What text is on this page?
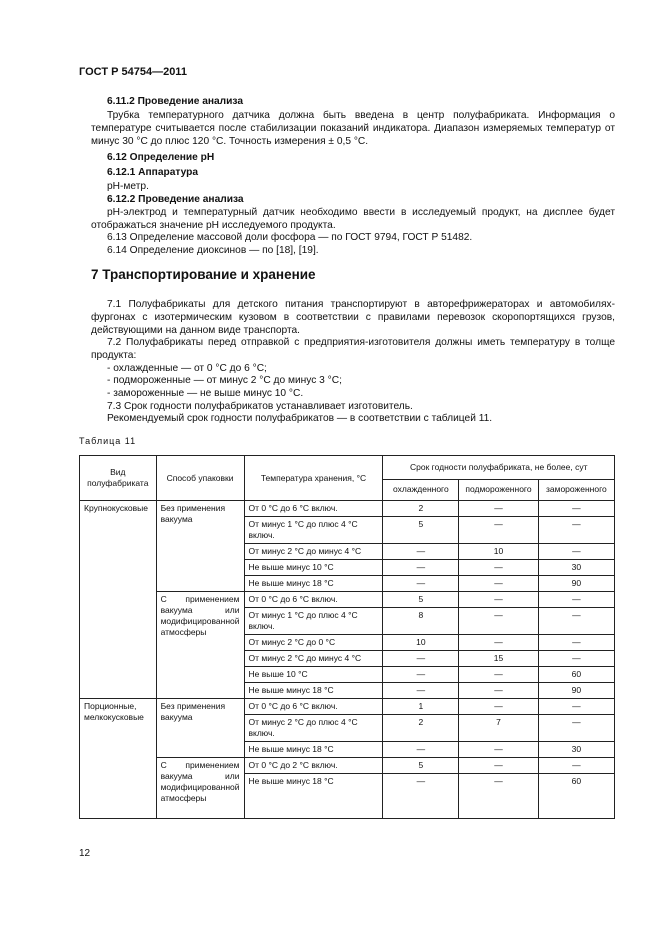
ГОСТ Р 54754—2011

6.11.2 Проведение анализа

Трубка температурного датчика должна быть введена в центр полуфабриката. Информация о температуре считывается после стабилизации показаний индикатора. Диапазон измеряемых температур от минус 30 °С до плюс 120 °С. Точность измерения ± 0,5 °С.

6.12 Определение pH

6.12.1 Аппаратура

pH-метр.

6.12.2 Проведение анализа

pH-электрод и температурный датчик необходимо ввести в исследуемый продукт, на дисплее будет отображаться значение pH исследуемого продукта.

6.13 Определение массовой доли фосфора — по ГОСТ 9794, ГОСТ Р 51482.

6.14 Определение диоксинов — по [18], [19].

7 Транспортирование и хранение

7.1 Полуфабрикаты для детского питания транспортируют в авторефрижераторах и автомобилях-фургонах с изотермическим кузовом в соответствии с правилами перевозок скоропортящихся грузов, действующими на данном виде транспорта.

7.2 Полуфабрикаты перед отправкой с предприятия-изготовителя должны иметь температуру в толще продукта:

- охлажденные — от 0 °С до 6 °С;

- подмороженные — от минус 2 °С до минус 3 °С;

- замороженные — не выше минус 10 °С.

7.3 Срок годности полуфабрикатов устанавливает изготовитель.

Рекомендуемый срок годности полуфабрикатов — в соответствии с таблицей 11.

Таблица 11
Вид полуфабриката	Способ упаковки	Температура хранения, °С	Срок годности полуфабриката, не более, сут		
			охлажденного	подмороженного	замороженного
Крупнокусковые	Без применения вакуума	От 0 °С до 6 °С включ.	2	—	—
		От минус 1 °С до плюс 4 °С включ.	5	—	—
		От минус 2 °С до минус 4 °С	—	10	—
		Не выше минус 10 °С	—	—	30
		Не выше минус 18 °С	—	—	90
	С применением вакуума или модифицированной атмосферы	От 0 °С до 6 °С включ.	5	—	—
		От минус 1 °С до плюс 4 °С включ.	8	—	—
		От минус 2 °С до 0 °С	10	—	—
		От минус 2 °С до минус 4 °С	—	15	—
		Не выше 10 °С	—	—	60
		Не выше минус 18 °С	—	—	90
Порционные, мелкокусковые	Без применения вакуума	От 0 °С до 6 °С включ.	1	—	—
		От минус 2 °С до плюс 4 °С включ.	2	7	—
		Не выше минус 18 °С	—	—	30
	С применением вакуума или модифицированной атмосферы	От 0 °С до 2 °С включ.	5	—	—
		Не выше минус 18 °С	—	—	60
12
